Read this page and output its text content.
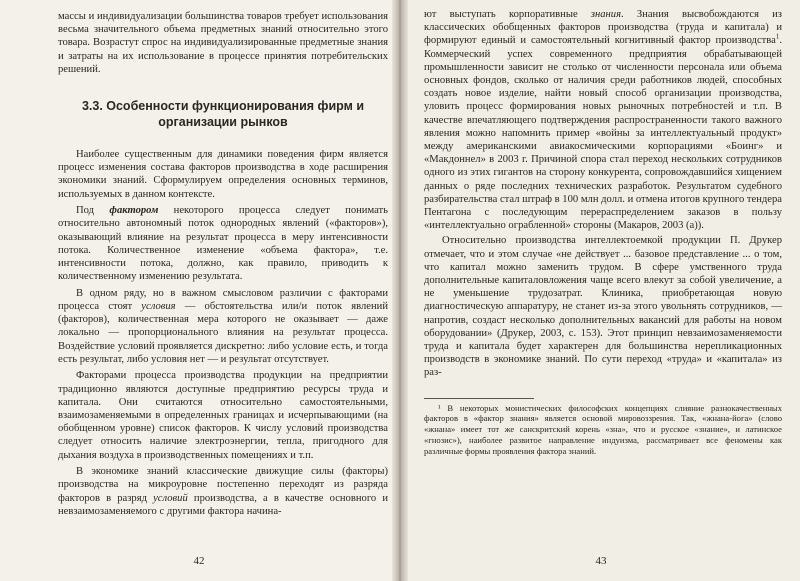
массы и индивидуализации большинства товаров требует использования весьма значительного объема предметных знаний относительно этого товара. Возрастут спрос на индивидуализированные предметные знания и затраты на их использование в процессе принятия потребительских решений.

3.3. Особенности функционирования фирм и организации рынков

Наиболее существенным для динамики поведения фирм является процесс изменения состава факторов производства в ходе расширения экономики знаний. Сформулируем определения основных терминов, используемых в данном контексте.

Под фактором некоторого процесса следует понимать относительно автономный поток однородных явлений («факторов»), оказывающий влияние на результат процесса в меру интенсивности потока. Количественное изменение «объема фактора», т.е. интенсивности потока, должно, как правило, приводить к количественному изменению результата.

В одном ряду, но в важном смысловом различии с факторами процесса стоят условия — обстоятельства или/и поток явлений (факторов), количественная мера которого не оказывает — даже локально — пропорционального влияния на результат процесса. Воздействие условий проявляется дискретно: либо условие есть, и тогда есть результат, либо условия нет — и результат отсутствует.

Факторами процесса производства продукции на предприятии традиционно являются доступные предприятию ресурсы труда и капитала. Они считаются относительно самостоятельными, взаимозаменяемыми в определенных границах и исчерпывающими (на обобщенном уровне) список факторов. К числу условий производства следует относить наличие электроэнергии, тепла, пригодного для дыхания воздуха в производственных помещениях и т.п.

В экономике знаний классические движущие силы (факторы) производства на микроуровне постепенно переходят из разряда факторов в разряд условий производства, а в качестве основного и невзаимозаменяемого с другими фактора начина-

42

ют выступать корпоративные знания. Знания высвобождаются из классических обобщенных факторов производства (труда и капитала) и формируют единый и самостоятельный когнитивный фактор производства$^1$. Коммерческий успех современного предприятия обрабатывающей промышленности зависит не столько от численности персонала или объема основных фондов, сколько от наличия среди работников людей, способных создать новое изделие, найти новый способ организации производства, уловить процесс формирования новых рыночных потребностей и т.п. В качестве впечатляющего подтверждения распространенности такого важного явления можно напомнить пример «войны за интеллектуальный продукт» между американскими авиакосмическими корпорациями «Боинг» и «Макдоннел» в 2003 г. Причиной спора стал переход нескольких сотрудников одного из этих гигантов на сторону конкурента, сопровождавшийся хищением данных о ряде последних технических разработок. Результатом судебного разбирательства стал штраф в 100 млн долл. и отмена итогов крупного тендера Пентагона с последующим перераспределением заказов в пользу «интеллектуально ограбленной» стороны (Макаров, 2003 (a)).

Относительно производства интеллектоемкой продукции П. Друкер отмечает, что и этом случае «не действует ... базовое представление ... о том, что капитал можно заменить трудом. В сфере умственного труда дополнительные капиталовложения чаще всего влекут за собой увеличение, а не уменьшение трудозатрат. Клиника, приобретающая новую диагностическую аппаратуру, не станет из-за этого увольнять сотрудников, — напротив, создаст несколько дополнительных вакансий для работы на новом оборудовании» (Друкер, 2003, с. 153). Этот принцип невзаимозаменяемости труда и капитала будет характерен для большинства нерепликационных производств в экономике знаний. По сути переход «труда» и «капитала» из раз-

¹ В некоторых монистических философских концепциях слияние разнокачественных факторов в «фактор знания» является основой мировоззрения. Так, «жнана-йога» (слово «жнана» имеет тот же санскритский корень «зна», что и русское «знание», и латинское «гнозис»), наиболее развитое направление индуизма, рассматривает все феномены как различные формы проявления фактора знаний.

43
